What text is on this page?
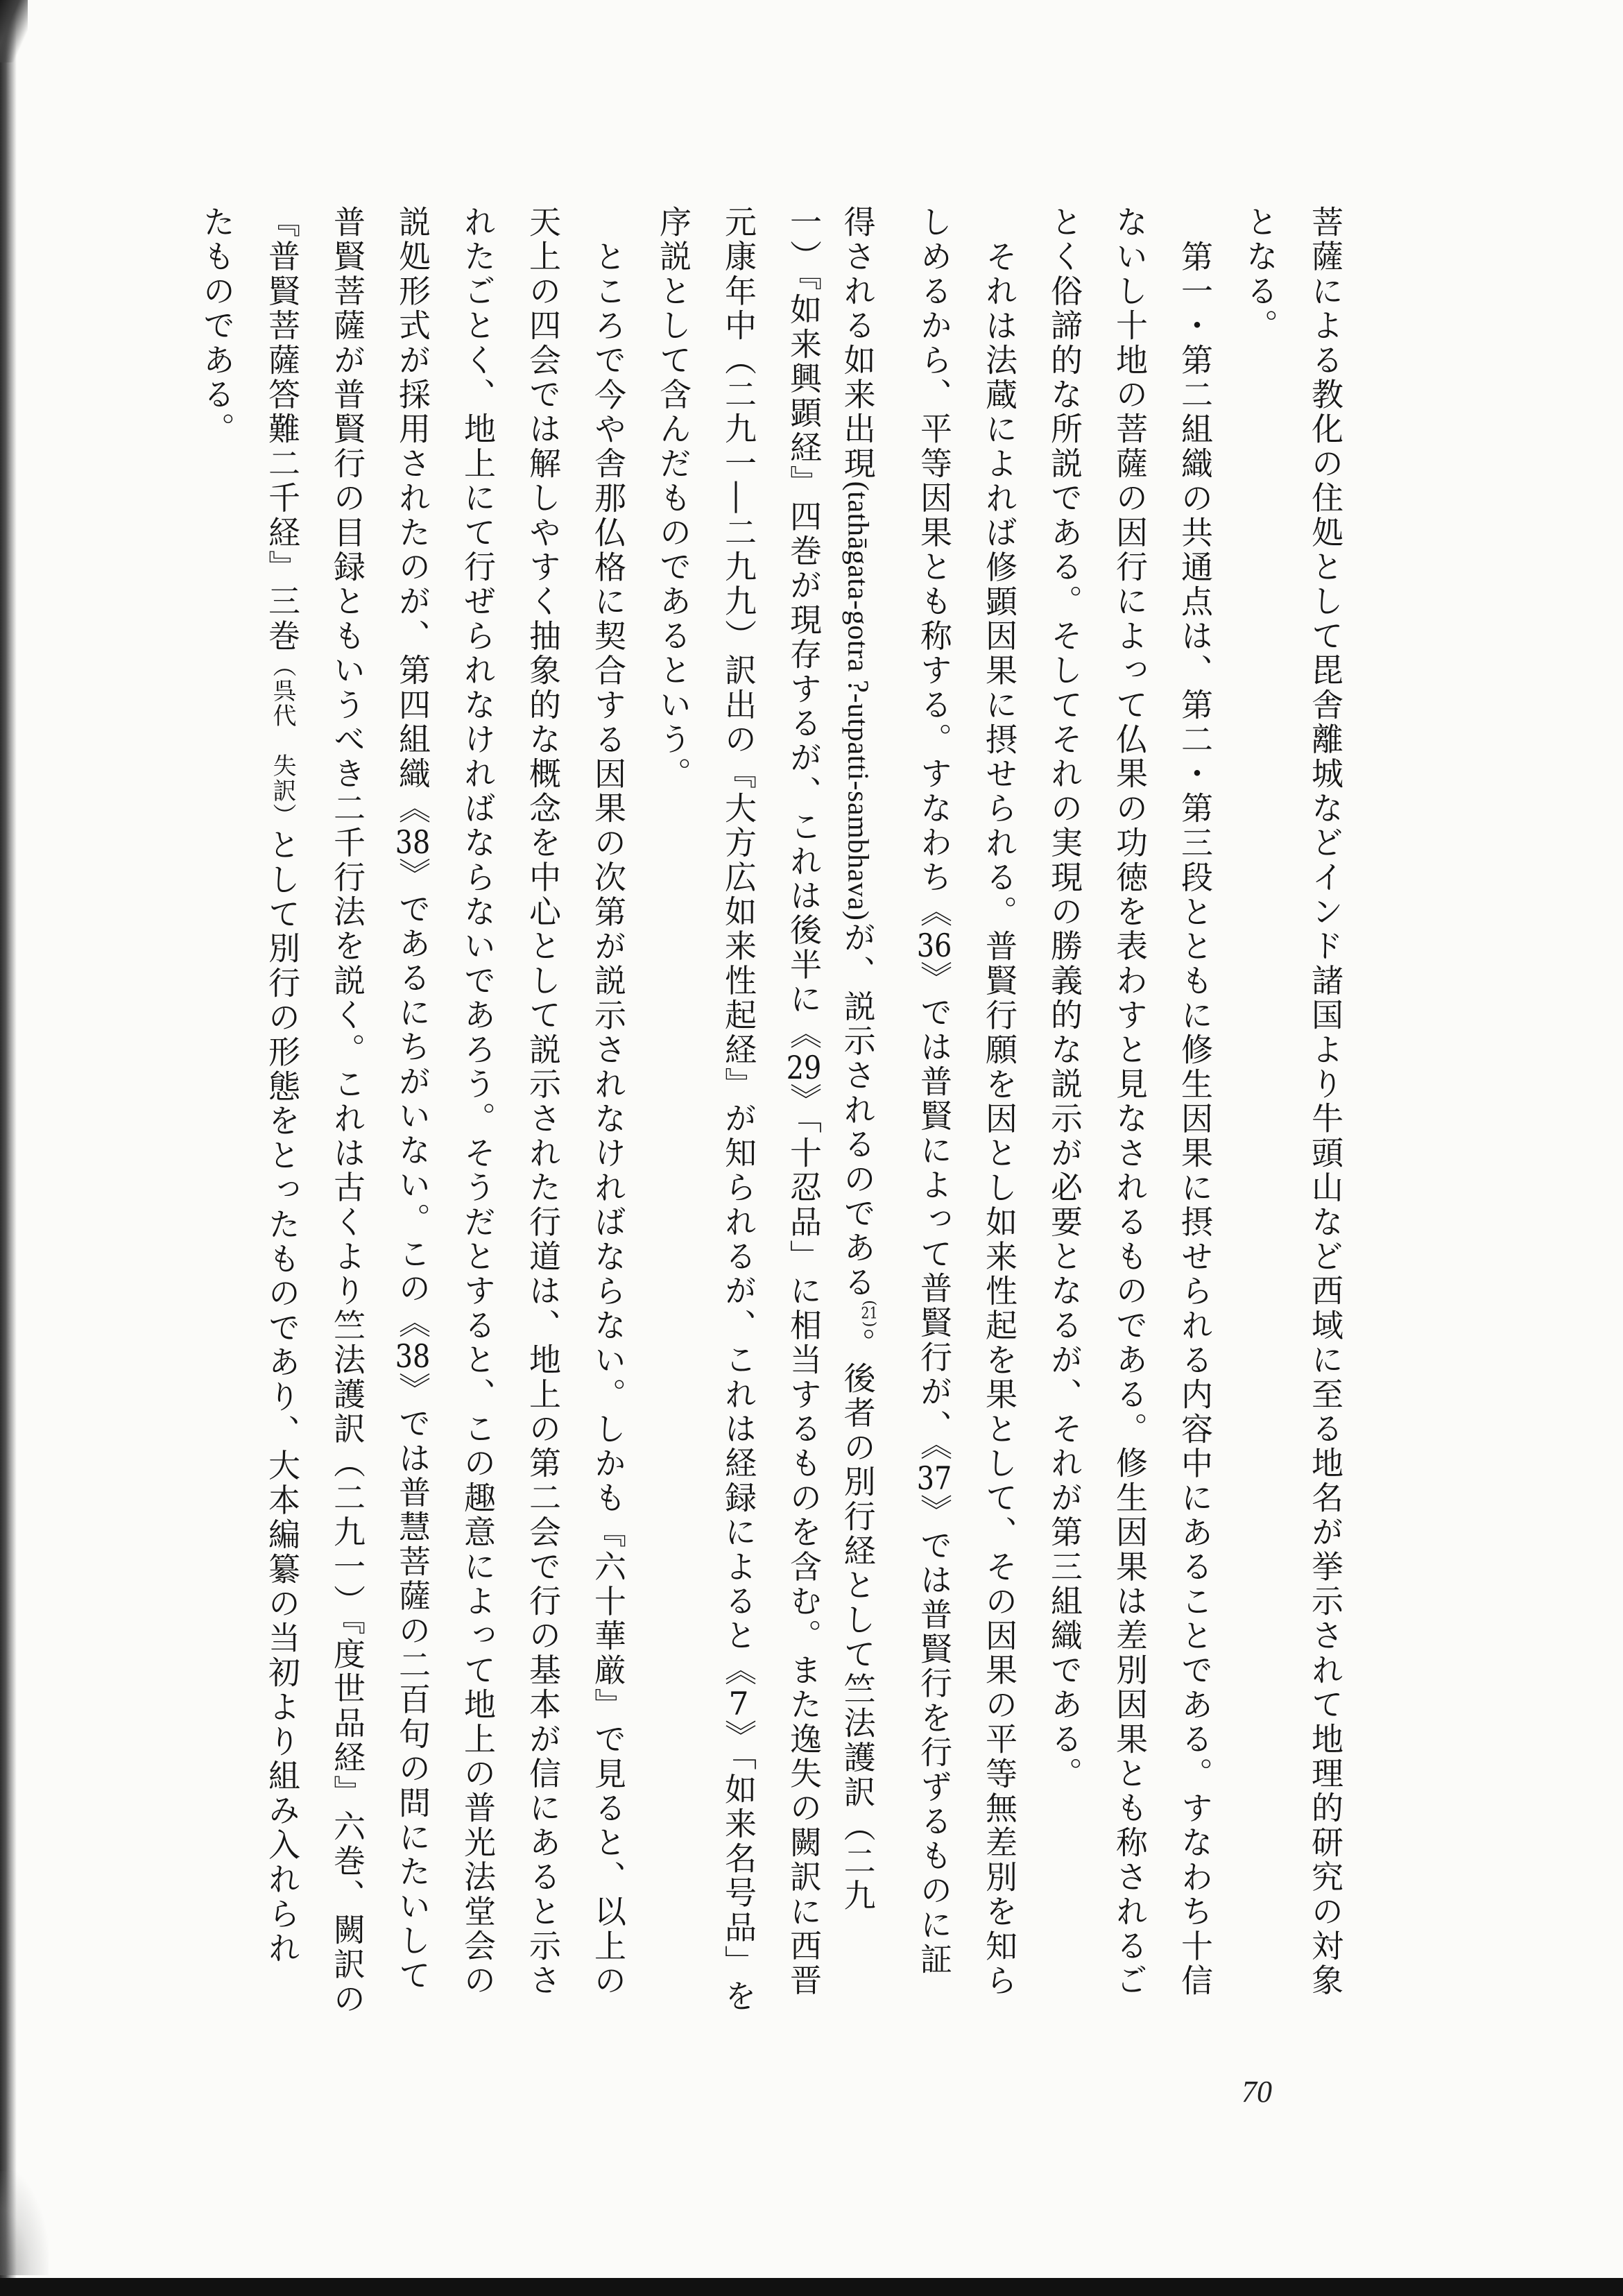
菩薩による教化の住処として毘舎離城などインド諸国より牛頭山など西域に至る地名が挙示されて地理的研究の対象
となる。
第一・第二組織の共通点は、第二・第三段とともに修生因果に摂せられる内容中にあることである。すなわち十信
ないし十地の菩薩の因行によって仏果の功徳を表わすと見なされるものである。修生因果は差別因果とも称されるご
とく俗諦的な所説である。そしてそれの実現の勝義的な説示が必要となるが、それが第三組織である。
それは法蔵によれば修顕因果に摂せられる。普賢行願を因とし如来性起を果として、その因果の平等無差別を知ら
しめるから、平等因果とも称する。すなわち《36》では普賢によって普賢行が、《37》では普賢行を行ずるものに証
得される如来出現(tathāgata-gotra ?-utpatti-sambhava)が、説示されるのである$^{(21)}$。後者の別行経として竺法護訳（二九
一）『如来興顕経』四巻が現存するが、これは後半に《29》「十忍品」に相当するものを含む。また逸失の闕訳に西晋
元康年中（二九一―二九九）訳出の『大方広如来性起経』が知られるが、これは経録によると《7》「如来名号品」を
序説として含んだものであるという。
ところで今や舎那仏格に契合する因果の次第が説示されなければならない。しかも『六十華厳』で見ると、以上の
天上の四会では解しやすく抽象的な概念を中心として説示された行道は、地上の第二会で行の基本が信にあると示さ
れたごとく、地上にて行ぜられなければならないであろう。そうだとすると、この趣意によって地上の普光法堂会の
説処形式が採用されたのが、第四組織《38》であるにちがいない。この《38》では普慧菩薩の二百句の問にたいして
普賢菩薩が普賢行の目録ともいうべき二千行法を説く。これは古くより竺法護訳（二九一）『度世品経』六巻、闕訳の
『普賢菩薩答難二千経』三巻（呉代　失訳）として別行の形態をとったものであり、大本編纂の当初より組み入れられ
たものである。
70
